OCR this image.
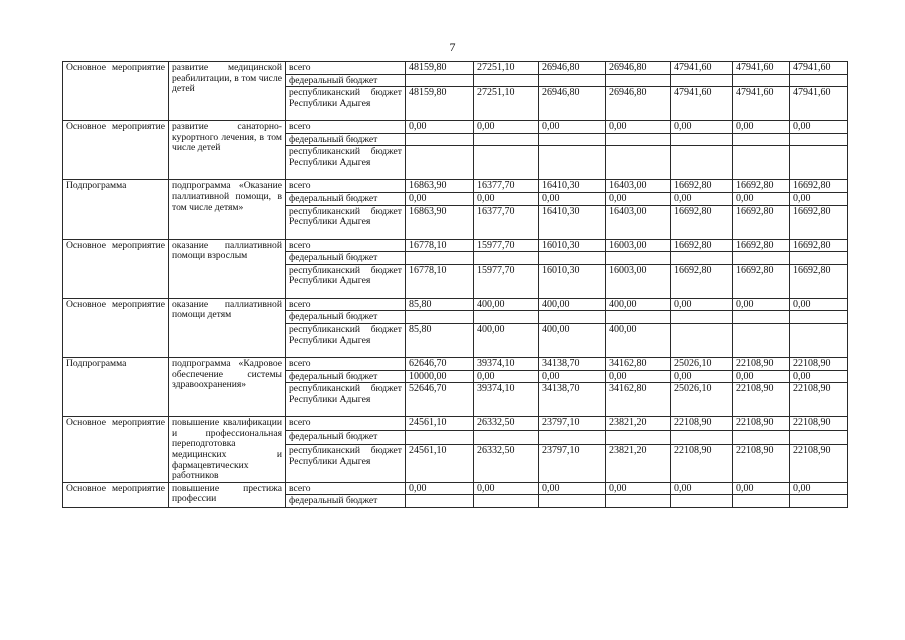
7
Основное мероприятие	развитие медицинской реабилитации, в том числе детей	всего	48159,80	27251,10	26946,80	26946,80	47941,60	47941,60	47941,60
		федеральный бюджет							
		республиканский бюджет Республики Адыгея	48159,80	27251,10	26946,80	26946,80	47941,60	47941,60	47941,60
Основное мероприятие	развитие санаторно-курортного лечения, в том числе детей	всего	0,00	0,00	0,00	0,00	0,00	0,00	0,00
		федеральный бюджет							
		республиканский бюджет Республики Адыгея							
Подпрограмма	подпрограмма «Оказание паллиативной помощи, в том числе детям»	всего	16863,90	16377,70	16410,30	16403,00	16692,80	16692,80	16692,80
		федеральный бюджет	0,00	0,00	0,00	0,00	0,00	0,00	0,00
		республиканский бюджет Республики Адыгея	16863,90	16377,70	16410,30	16403,00	16692,80	16692,80	16692,80
Основное мероприятие	оказание паллиативной помощи взрослым	всего	16778,10	15977,70	16010,30	16003,00	16692,80	16692,80	16692,80
		федеральный бюджет							
		республиканский бюджет Республики Адыгея	16778,10	15977,70	16010,30	16003,00	16692,80	16692,80	16692,80
Основное мероприятие	оказание паллиативной помощи детям	всего	85,80	400,00	400,00	400,00	0,00	0,00	0,00
		федеральный бюджет							
		республиканский бюджет Республики Адыгея	85,80	400,00	400,00	400,00			
Подпрограмма	подпрограмма «Кадровое обеспечение системы здравоохранения»	всего	62646,70	39374,10	34138,70	34162,80	25026,10	22108,90	22108,90
		федеральный бюджет	10000,00	0,00	0,00	0,00	0,00	0,00	0,00
		республиканский бюджет Республики Адыгея	52646,70	39374,10	34138,70	34162,80	25026,10	22108,90	22108,90
Основное мероприятие	повышение квалификации и профессиональная переподготовка медицинских и фармацевтических работников	всего	24561,10	26332,50	23797,10	23821,20	22108,90	22108,90	22108,90
		федеральный бюджет							
		республиканский бюджет Республики Адыгея	24561,10	26332,50	23797,10	23821,20	22108,90	22108,90	22108,90
Основное мероприятие	повышение престижа профессии	всего	0,00	0,00	0,00	0,00	0,00	0,00	0,00
		федеральный бюджет							
